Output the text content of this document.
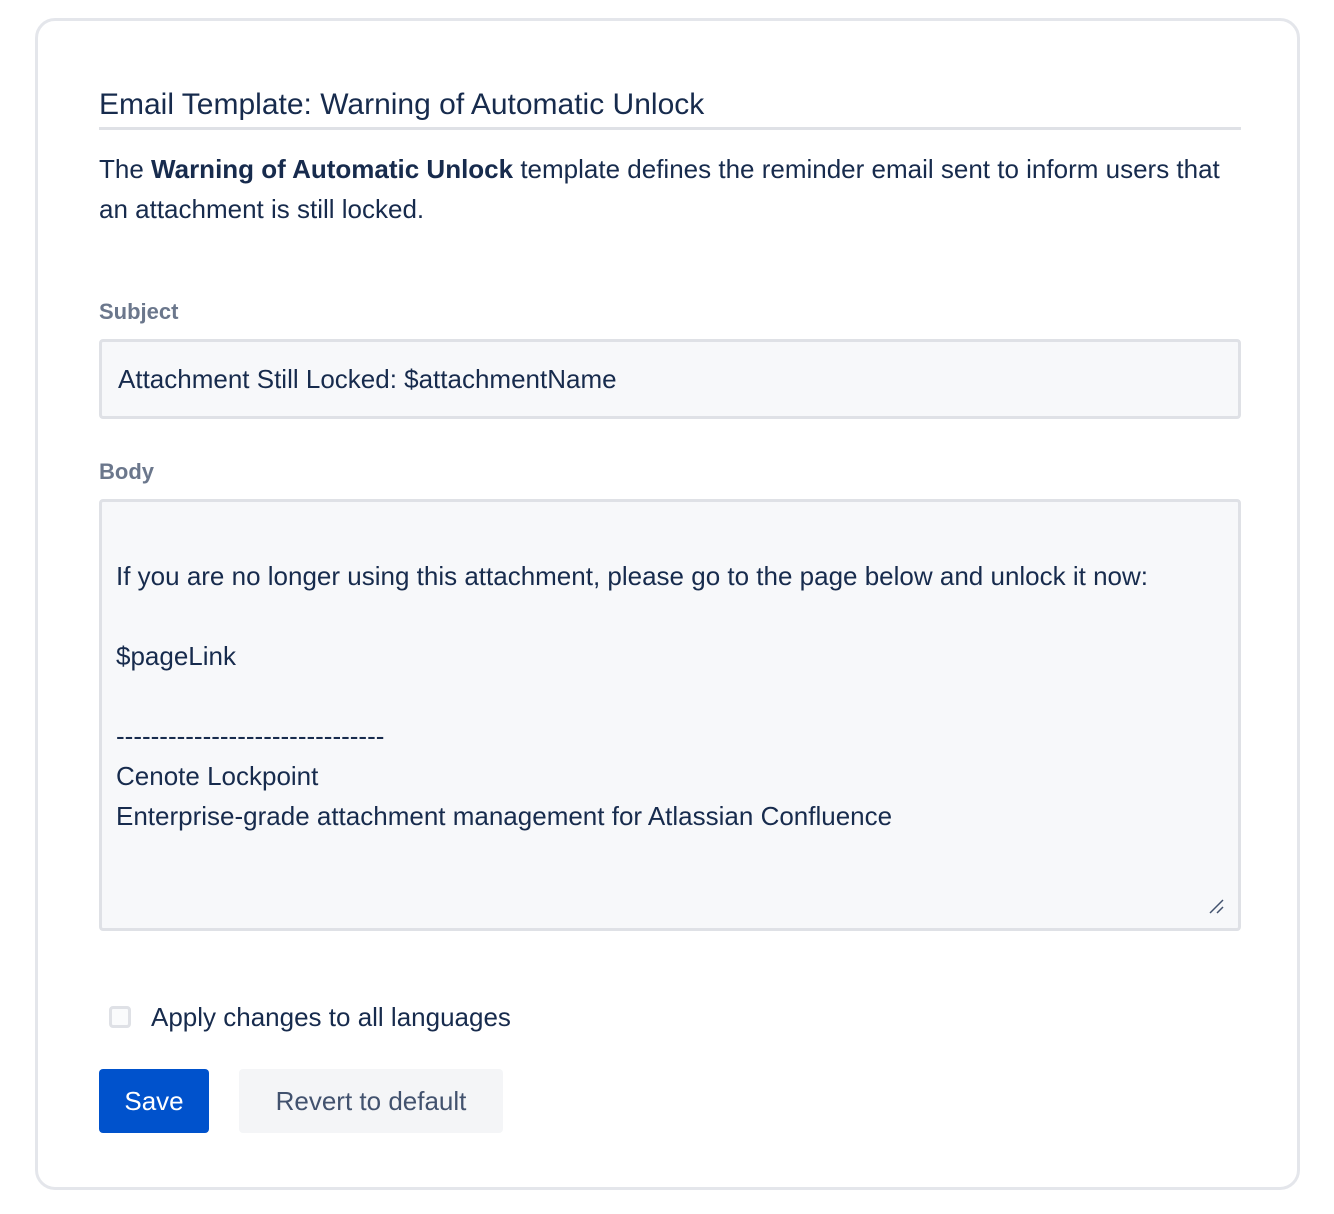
Email Template: Warning of Automatic Unlock
The Warning of Automatic Unlock template defines the reminder email sent to inform users that an attachment is still locked.
Subject
Attachment Still Locked: $attachmentName
Body
If you are no longer using this attachment, please go to the page below and unlock it now:

$pageLink

-------------------------------
Cenote Lockpoint
Enterprise-grade attachment management for Atlassian Confluence
Apply changes to all languages
Save	Revert to default
